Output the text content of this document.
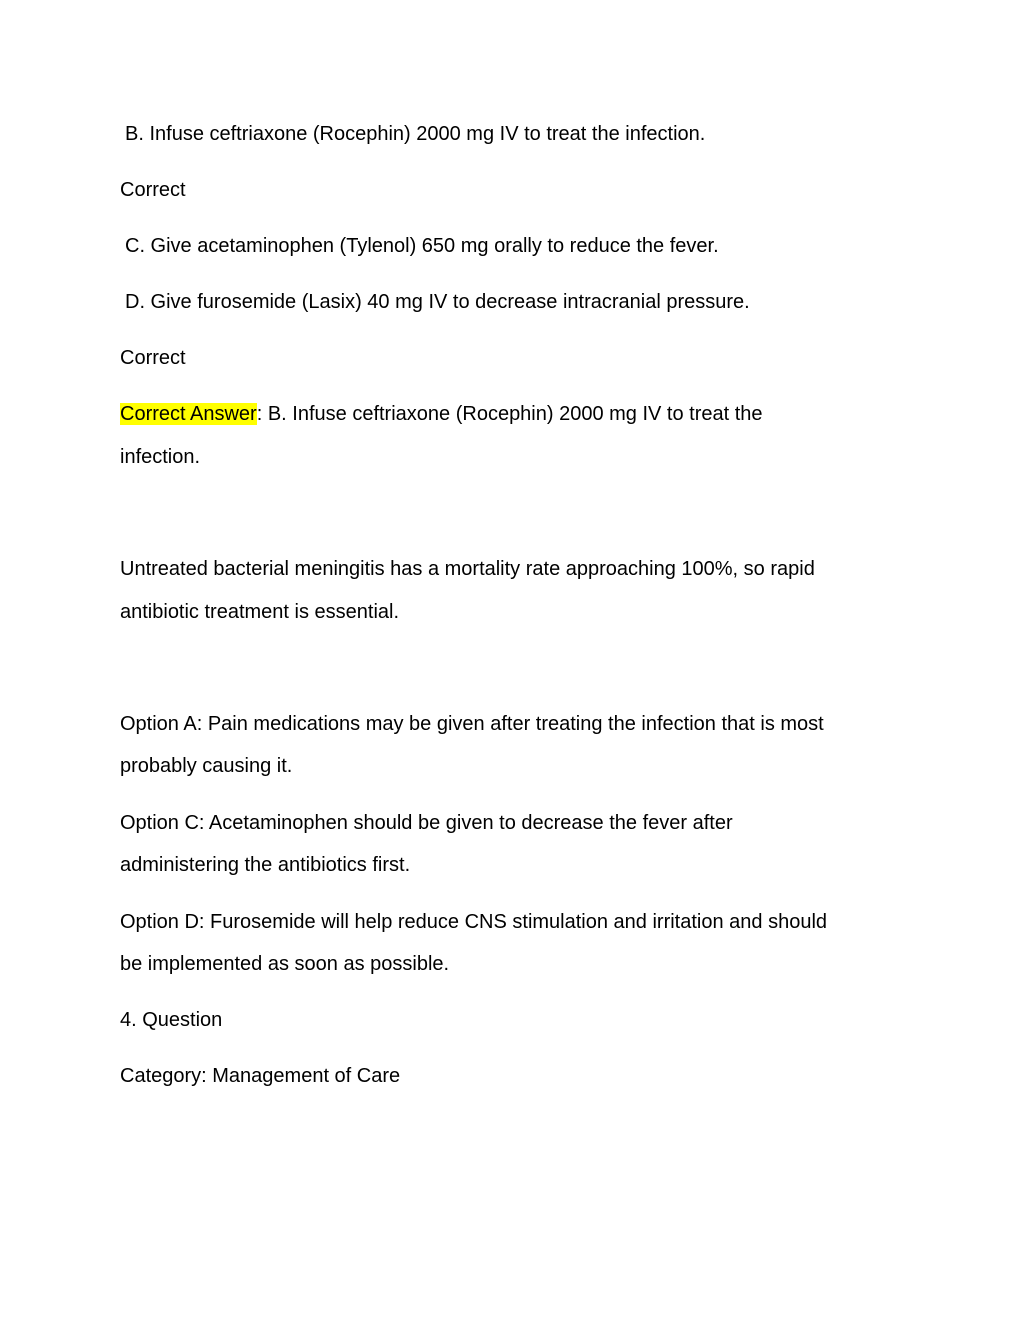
B. Infuse ceftriaxone (Rocephin) 2000 mg IV to treat the infection.
Correct
C. Give acetaminophen (Tylenol) 650 mg orally to reduce the fever.
D. Give furosemide (Lasix) 40 mg IV to decrease intracranial pressure.
Correct
Correct Answer: B. Infuse ceftriaxone (Rocephin) 2000 mg IV to treat the
infection.
Untreated bacterial meningitis has a mortality rate approaching 100%, so rapid
antibiotic treatment is essential.
Option A: Pain medications may be given after treating the infection that is most
probably causing it.
Option C: Acetaminophen should be given to decrease the fever after
administering the antibiotics first.
Option D: Furosemide will help reduce CNS stimulation and irritation and should
be implemented as soon as possible.
4. Question
Category: Management of Care
